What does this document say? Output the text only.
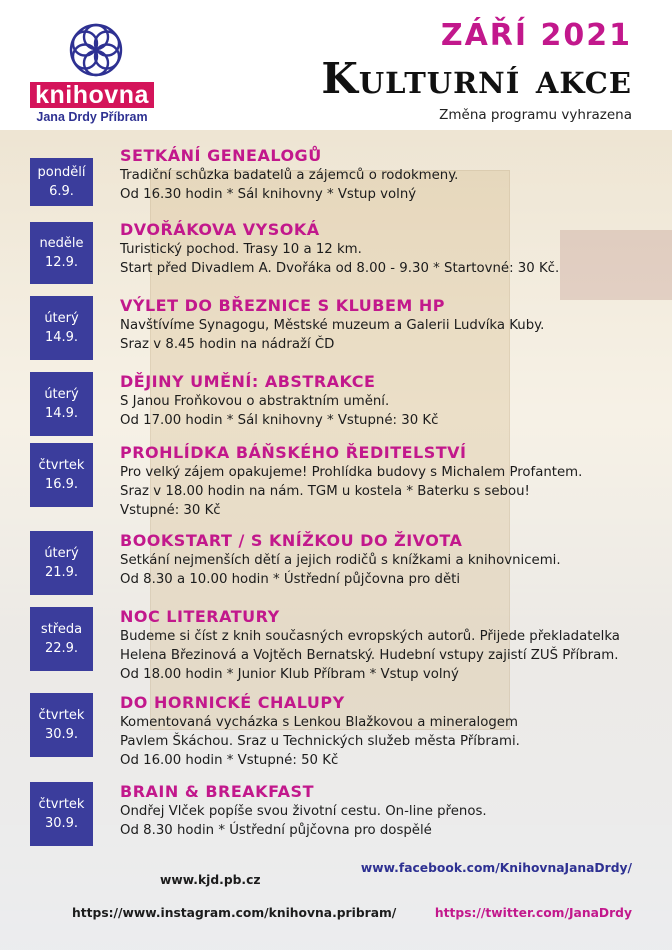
knihovna
Jana Drdy Příbram
ZÁŘÍ 2021
Kulturní akce
Změna programu vyhrazena
pondělí
6.9.
SETKÁNÍ GENEALOGŮ
Tradiční schůzka badatelů a zájemců o rodokmeny.
Od 16.30 hodin * Sál knihovny * Vstup volný
neděle
12.9.
DVOŘÁKOVA VYSOKÁ
Turistický pochod. Trasy 10 a 12 km.
Start před Divadlem A. Dvořáka od 8.00 - 9.30 * Startovné: 30 Kč.
úterý
14.9.
VÝLET DO BŘEZNICE S KLUBEM HP
Navštívíme Synagogu, Městské muzeum a Galerii Ludvíka Kuby.
Sraz v 8.45 hodin na nádraží ČD
úterý
14.9.
DĚJINY UMĚNÍ: ABSTRAKCE
S Janou Froňkovou o abstraktním umění.
Od 17.00 hodin * Sál knihovny * Vstupné: 30 Kč
čtvrtek
16.9.
PROHLÍDKA BÁŇSKÉHO ŘEDITELSTVÍ
Pro velký zájem opakujeme! Prohlídka budovy s Michalem Profantem.
Sraz v 18.00 hodin na nám. TGM u kostela * Baterku s sebou!
Vstupné: 30 Kč
úterý
21.9.
BOOKSTART / S KNÍŽKOU DO ŽIVOTA
Setkání nejmenších dětí a jejich rodičů s knížkami a knihovnicemi.
Od 8.30 a 10.00 hodin * Ústřední půjčovna pro děti
středa
22.9.
NOC LITERATURY
Budeme si číst z knih současných evropských autorů. Přijede překladatelka
Helena Březinová a Vojtěch Bernatský. Hudební vstupy zajistí ZUŠ Příbram.
Od 18.00 hodin * Junior Klub Příbram * Vstup volný
čtvrtek
30.9.
DO HORNICKÉ CHALUPY
Komentovaná vycházka s Lenkou Blažkovou a mineralogem
Pavlem Škáchou. Sraz u Technických služeb města Příbrami.
Od 16.00 hodin * Vstupné: 50 Kč
čtvrtek
30.9.
BRAIN & BREAKFAST
Ondřej Vlček popíše svou životní cestu. On-line přenos.
Od 8.30 hodin * Ústřední půjčovna pro dospělé
www.facebook.com/KnihovnaJanaDrdy/
www.kjd.pb.cz
https://www.instagram.com/knihovna.pribram/	https://twitter.com/JanaDrdy
